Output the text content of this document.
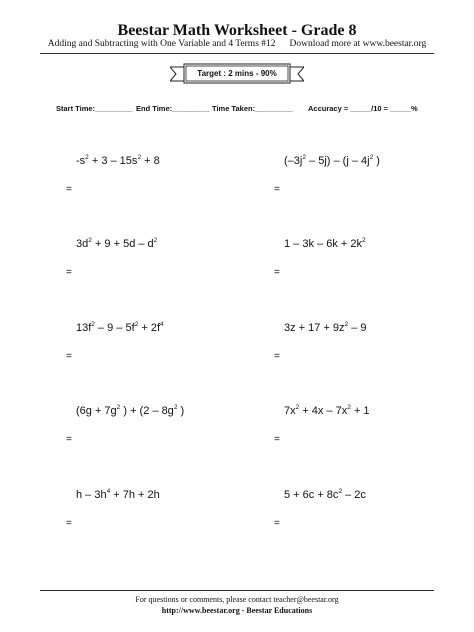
Beestar Math Worksheet - Grade 8
Adding and Subtracting with One Variable and 4 Terms #12 Download more at www.beestar.org
Target : 2 mins - 90%
Start Time:_________ End Time:_________ Time Taken:_________ Accuracy = _____/10 = _____%
$-s^2 + 3 - 15s^2 + 8$
=
$(-3j^2 - 5j) - (j - 4j^2$ )
=
$3d^2 + 9 + 5d - d^2$
=
$1 - 3k - 6k + 2k^2$
=
$13f^2 - 9 - 5f^2 + 2f^4$
=
$3z + 17 + 9z^2 - 9$
=
($6g + 7g^2$ ) + ($2 - 8g^2$ )
=
$7x^2 + 4x - 7x^2 + 1$
=
$h - 3h^4 + 7h + 2h$
=
$5 + 6c + 8c^2 - 2c$
=
For questions or comments, please contact teacher@beestar.org
http://www.beestar.org - Beestar Educations
